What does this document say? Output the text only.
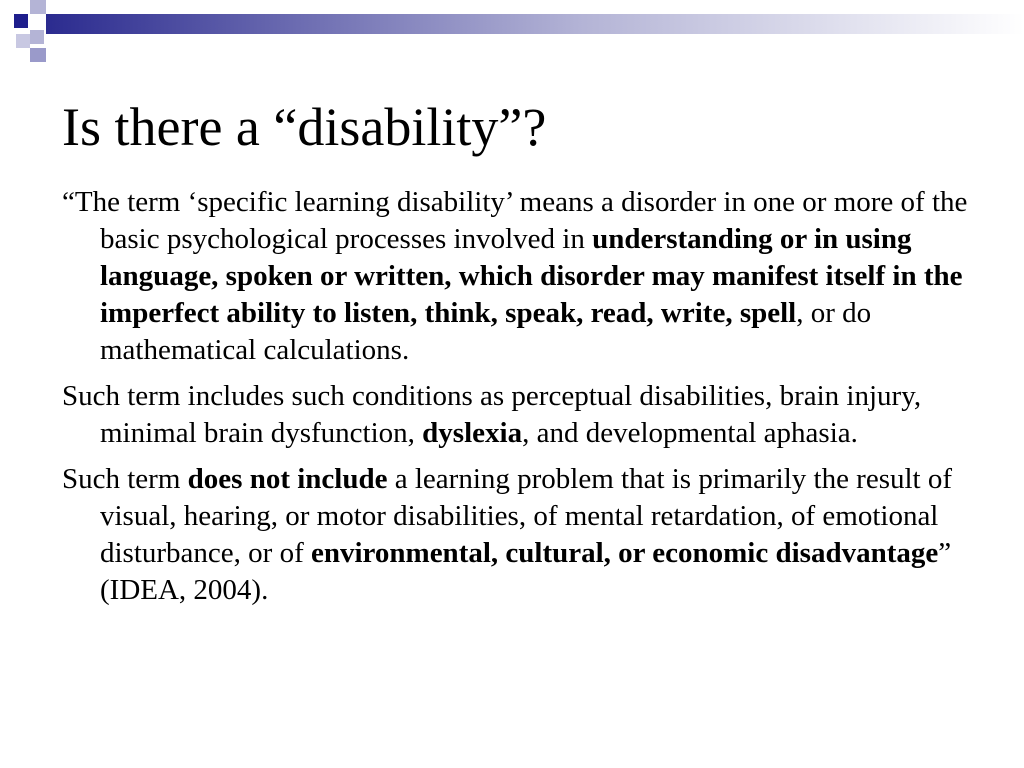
Is there a “disability”?

“The term ‘specific learning disability’ means a disorder in one or more of the basic psychological processes involved in understanding or in using language, spoken or written, which disorder may manifest itself in the imperfect ability to listen, think, speak, read, write, spell, or do mathematical calculations.

Such term includes such conditions as perceptual disabilities, brain injury, minimal brain dysfunction, dyslexia, and developmental aphasia.

Such term does not include a learning problem that is primarily the result of visual, hearing, or motor disabilities, of mental retardation, of emotional disturbance, or of environmental, cultural, or economic disadvantage” (IDEA, 2004).
